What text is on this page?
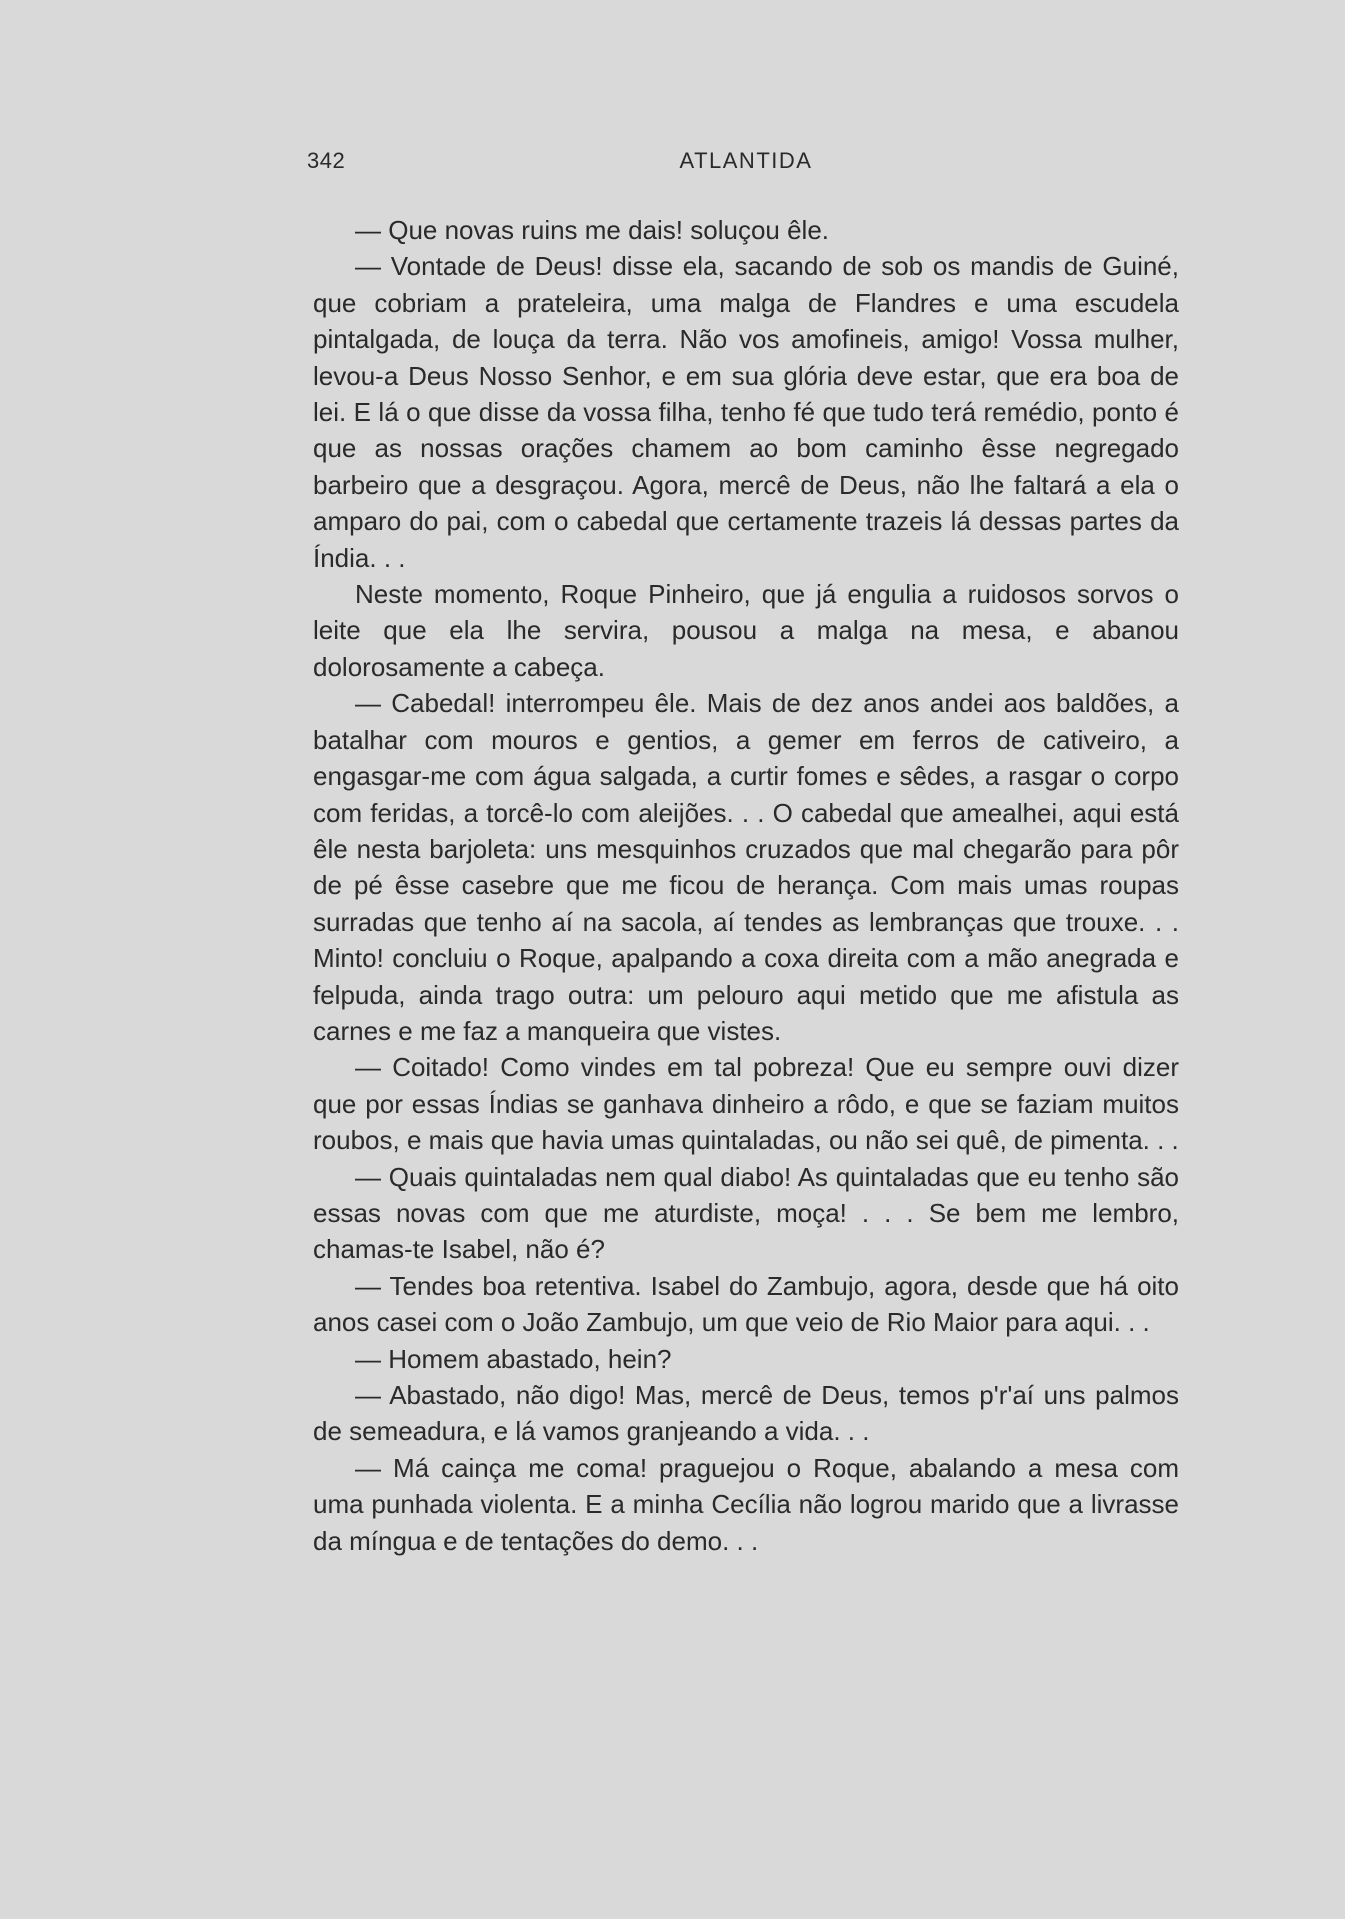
342	ATLANTIDA

— Que novas ruins me dais! soluçou êle.

— Vontade de Deus! disse ela, sacando de sob os mandis de Guiné, que cobriam a prateleira, uma malga de Flandres e uma escudela pintalgada, de louça da terra. Não vos amofineis, amigo! Vossa mulher, levou-a Deus Nosso Senhor, e em sua glória deve estar, que era boa de lei. E lá o que disse da vossa filha, tenho fé que tudo terá remédio, ponto é que as nossas orações chamem ao bom caminho êsse negregado barbeiro que a desgraçou. Agora, mercê de Deus, não lhe faltará a ela o amparo do pai, com o cabedal que certamente trazeis lá dessas partes da Índia. . .

Neste momento, Roque Pinheiro, que já engulia a ruidosos sorvos o leite que ela lhe servira, pousou a malga na mesa, e abanou dolorosamente a cabeça.

— Cabedal! interrompeu êle. Mais de dez anos andei aos baldões, a batalhar com mouros e gentios, a gemer em ferros de cativeiro, a engasgar-me com água salgada, a curtir fomes e sêdes, a rasgar o corpo com feridas, a torcê-lo com aleijões. . . O cabedal que amealhei, aqui está êle nesta barjoleta: uns mesquinhos cruzados que mal chegarão para pôr de pé êsse casebre que me ficou de herança. Com mais umas roupas surradas que tenho aí na sacola, aí tendes as lembranças que trouxe. . . Minto! concluiu o Roque, apalpando a coxa direita com a mão anegrada e felpuda, ainda trago outra: um pelouro aqui metido que me afistula as carnes e me faz a manqueira que vistes.

— Coitado! Como vindes em tal pobreza! Que eu sempre ouvi dizer que por essas Índias se ganhava dinheiro a rôdo, e que se faziam muitos roubos, e mais que havia umas quintaladas, ou não sei quê, de pimenta. . .

— Quais quintaladas nem qual diabo! As quintaladas que eu tenho são essas novas com que me aturdiste, moça! . . . Se bem me lembro, chamas-te Isabel, não é?

— Tendes boa retentiva. Isabel do Zambujo, agora, desde que há oito anos casei com o João Zambujo, um que veio de Rio Maior para aqui. . .

— Homem abastado, hein?

— Abastado, não digo! Mas, mercê de Deus, temos p'r'aí uns palmos de semeadura, e lá vamos granjeando a vida. . .

— Má cainça me coma! praguejou o Roque, abalando a mesa com uma punhada violenta. E a minha Cecília não logrou marido que a livrasse da míngua e de tentações do demo. . .
